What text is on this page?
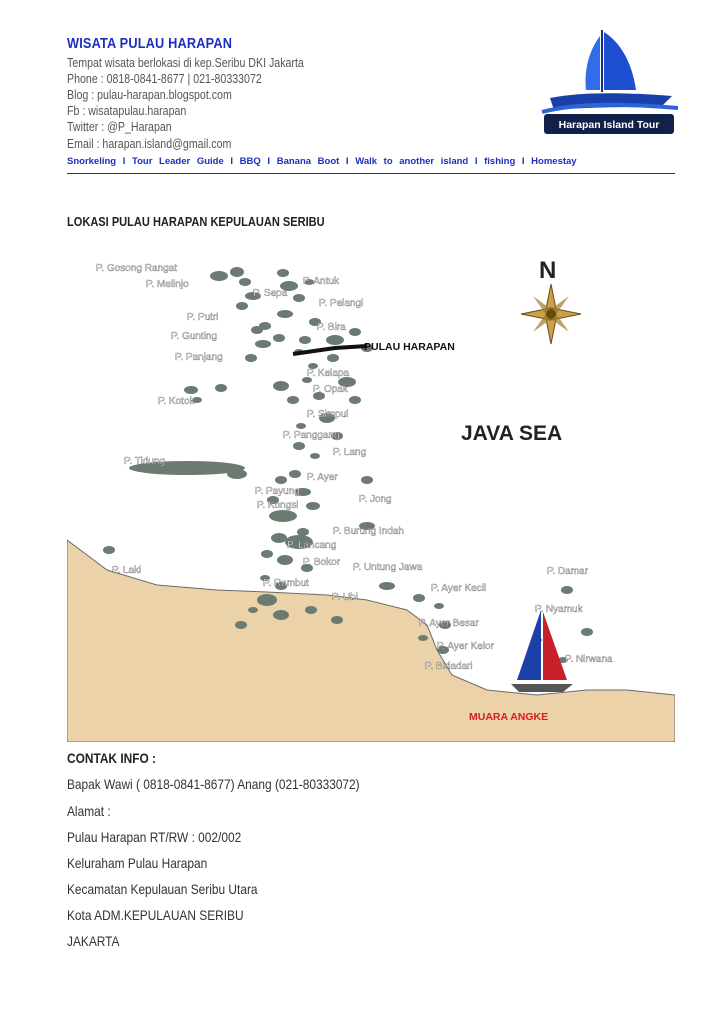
WISATA PULAU HARAPAN
Tempat wisata berlokasi di kep.Seribu DKI Jakarta
Phone : 0818-0841-8677 | 021-80333072
Blog : pulau-harapan.blogspot.com
Fb : wisatapulau.harapan
Twitter : @P_Harapan
Email : harapan.island@gmail.com
Snorkeling I Tour Leader Guide I BBQ I Banana Boot I Walk to another island I fishing I Homestay
Harapan Island Tour
LOKASI PULAU HARAPAN KEPULAUAN SERIBU
PULAU HARAPAN
N
JAVA SEA
MUARA ANGKE
P. Gosong Rangat
P. Melinjo	P. Antuk
P. Sepa
P. Pelangi
P. Putri
P. Bira
P. Gunting
P. Panjang
P. Kelapa
P. Opak
P. Kotok
P. Simpul
P. Panggang
P. Lang
P. Tidung
P. Ayer
P. Payung
P. Jong
P. Kongsi
P. Burung Indah
P. Lancang
P. Bokor P. Untung Jawa
P. Laki	P. Damar
P. Rambut	P. Ayer Kecil
P. Ubi
P. Nyamuk
P. Ayer Besar
P. Ayer Kelor
P. Nirwana
P. Bidadari
CONTAK INFO :
Bapak Wawi ( 0818-0841-8677) Anang (021-80333072)
Alamat :
Pulau Harapan RT/RW : 002/002
Keluraham Pulau Harapan
Kecamatan Kepulauan Seribu Utara
Kota ADM.KEPULAUAN SERIBU
JAKARTA
